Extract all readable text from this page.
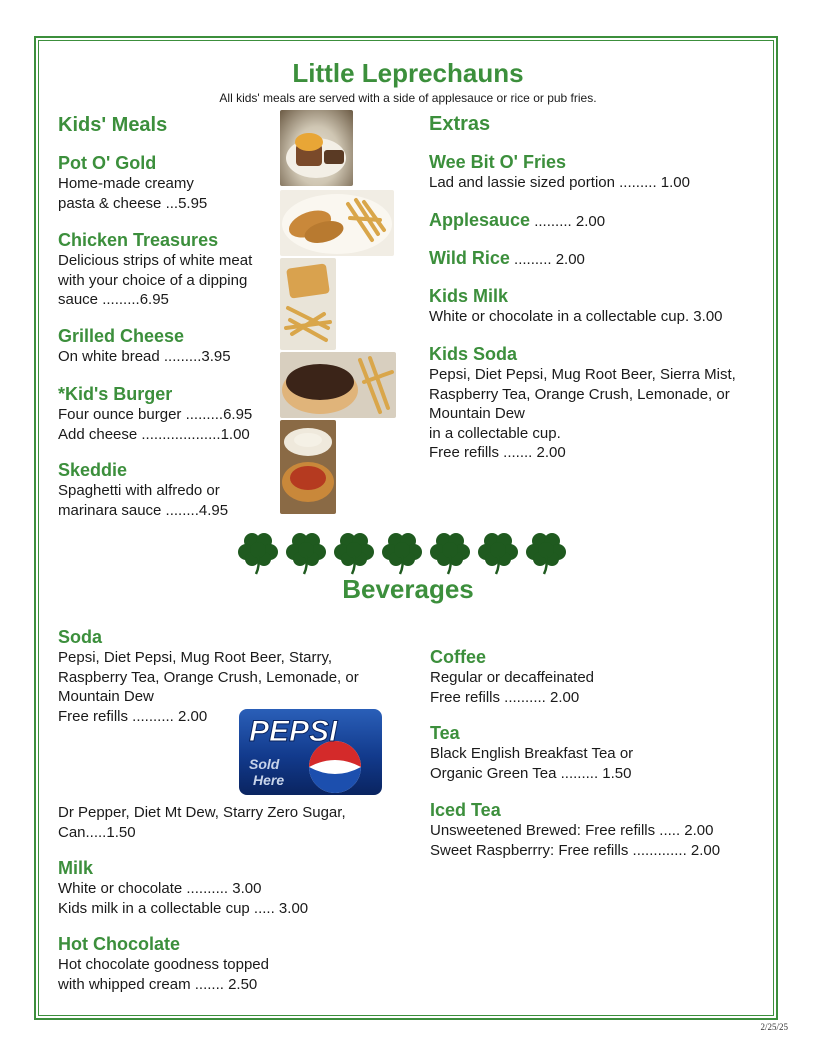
Little Leprechauns
All kids' meals are served with a side of applesauce or rice or pub fries.
Kids' Meals
Pot O' Gold
Home-made creamy
pasta & cheese ...5.95
Chicken Treasures
Delicious strips of white meat
with your choice of a dipping
sauce .........6.95
Grilled Cheese
On white bread .........3.95
*Kid's Burger
Four ounce burger .........6.95
Add cheese ...................1.00
Skeddie
Spaghetti with alfredo or
marinara sauce ........4.95
Extras
Wee Bit O' Fries
Lad and lassie sized portion ......... 1.00
Applesauce ......... 2.00
Wild Rice ......... 2.00
Kids Milk
White or chocolate in a collectable cup. 3.00
Kids Soda
Pepsi, Diet Pepsi, Mug Root Beer, Sierra Mist,
Raspberry Tea, Orange Crush, Lemonade, or
Mountain Dew
in a collectable cup.
Free refills ....... 2.00
Beverages
Soda
Pepsi, Diet Pepsi, Mug Root Beer, Starry,
Raspberry Tea, Orange Crush, Lemonade, or
Mountain Dew
Free refills .......... 2.00	PEPSI
Sold
Here
Dr Pepper, Diet Mt Dew, Starry Zero Sugar,
Can.....1.50
Milk
White or chocolate .......... 3.00
Kids milk in a collectable cup ..... 3.00
Hot Chocolate
Hot chocolate goodness topped
with whipped cream ....... 2.50
Coffee
Regular or decaffeinated
Free refills .......... 2.00
Tea
Black English Breakfast Tea or
Organic Green Tea ......... 1.50
Iced Tea
Unsweetened Brewed: Free refills ..... 2.00
Sweet Raspberrry: Free refills ............. 2.00
2/25/25
